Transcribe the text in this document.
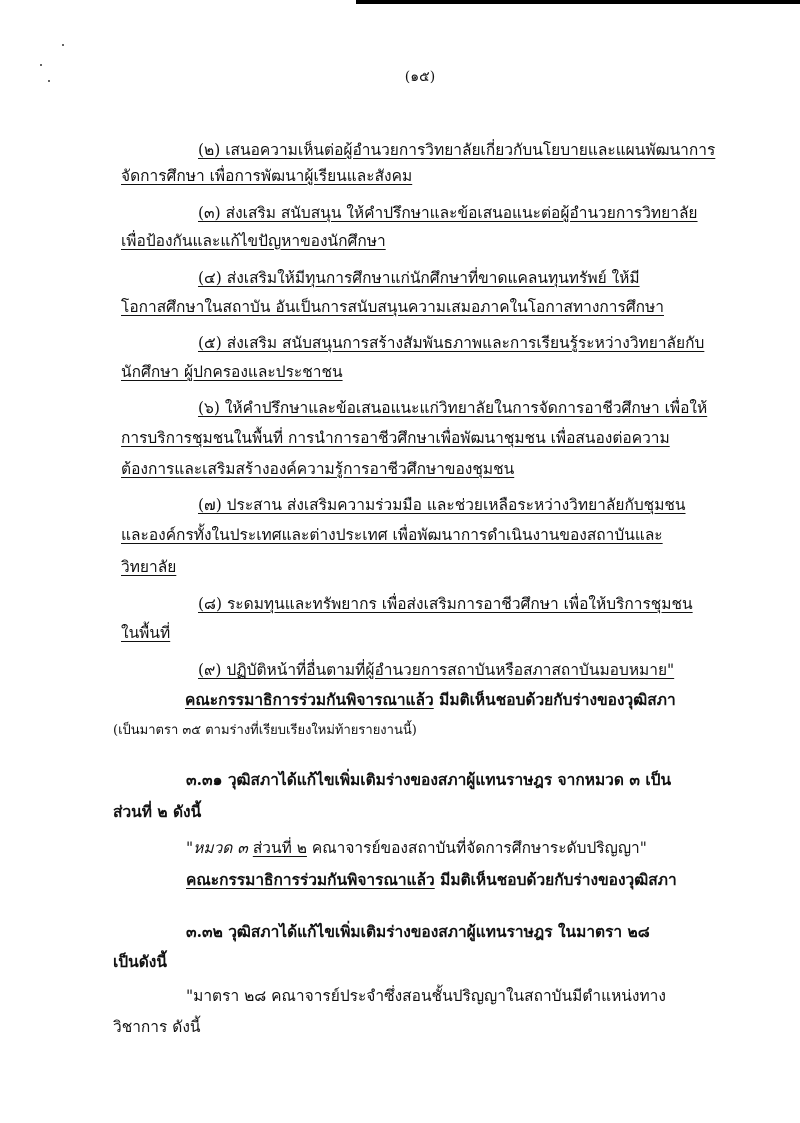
(๑๕)
(๒) เสนอความเห็นต่อผู้อำนวยการวิทยาลัยเกี่ยวกับนโยบายและแผนพัฒนาการ
จัดการศึกษา เพื่อการพัฒนาผู้เรียนและสังคม
(๓) ส่งเสริม สนับสนุน ให้คำปรึกษาและข้อเสนอแนะต่อผู้อำนวยการวิทยาลัย
เพื่อป้องกันและแก้ไขปัญหาของนักศึกษา
(๔) ส่งเสริมให้มีทุนการศึกษาแก่นักศึกษาที่ขาดแคลนทุนทรัพย์ ให้มี
โอกาสศึกษาในสถาบัน อันเป็นการสนับสนุนความเสมอภาคในโอกาสทางการศึกษา
(๕) ส่งเสริม สนับสนุนการสร้างสัมพันธภาพและการเรียนรู้ระหว่างวิทยาลัยกับ
นักศึกษา ผู้ปกครองและประชาชน
(๖) ให้คำปรึกษาและข้อเสนอแนะแก่วิทยาลัยในการจัดการอาชีวศึกษา เพื่อให้
การบริการชุมชนในพื้นที่ การนำการอาชีวศึกษาเพื่อพัฒนาชุมชน เพื่อสนองต่อความ
ต้องการและเสริมสร้างองค์ความรู้การอาชีวศึกษาของชุมชน
(๗) ประสาน ส่งเสริมความร่วมมือ และช่วยเหลือระหว่างวิทยาลัยกับชุมชน
และองค์กรทั้งในประเทศและต่างประเทศ เพื่อพัฒนาการดำเนินงานของสถาบันและ
วิทยาลัย
(๘) ระดมทุนและทรัพยากร เพื่อส่งเสริมการอาชีวศึกษา เพื่อให้บริการชุมชน
ในพื้นที่
(๙) ปฏิบัติหน้าที่อื่นตามที่ผู้อำนวยการสถาบันหรือสภาสถาบันมอบหมาย"
คณะกรรมาธิการร่วมกันพิจารณาแล้ว มีมติเห็นชอบด้วยกับร่างของวุฒิสภา
(เป็นมาตรา ๓๕ ตามร่างที่เรียบเรียงใหม่ท้ายรายงานนี้)
๓.๓๑ วุฒิสภาได้แก้ไขเพิ่มเติมร่างของสภาผู้แทนราษฎร จากหมวด ๓ เป็น
ส่วนที่ ๒ ดังนี้
"หมวด ๓ ส่วนที่ ๒ คณาจารย์ของสถาบันที่จัดการศึกษาระดับปริญญา"
คณะกรรมาธิการร่วมกันพิจารณาแล้ว มีมติเห็นชอบด้วยกับร่างของวุฒิสภา
๓.๓๒ วุฒิสภาได้แก้ไขเพิ่มเติมร่างของสภาผู้แทนราษฎร ในมาตรา ๒๘
เป็นดังนี้
"มาตรา ๒๘ คณาจารย์ประจำซึ่งสอนชั้นปริญญาในสถาบันมีตำแหน่งทาง
วิชาการ ดังนี้
